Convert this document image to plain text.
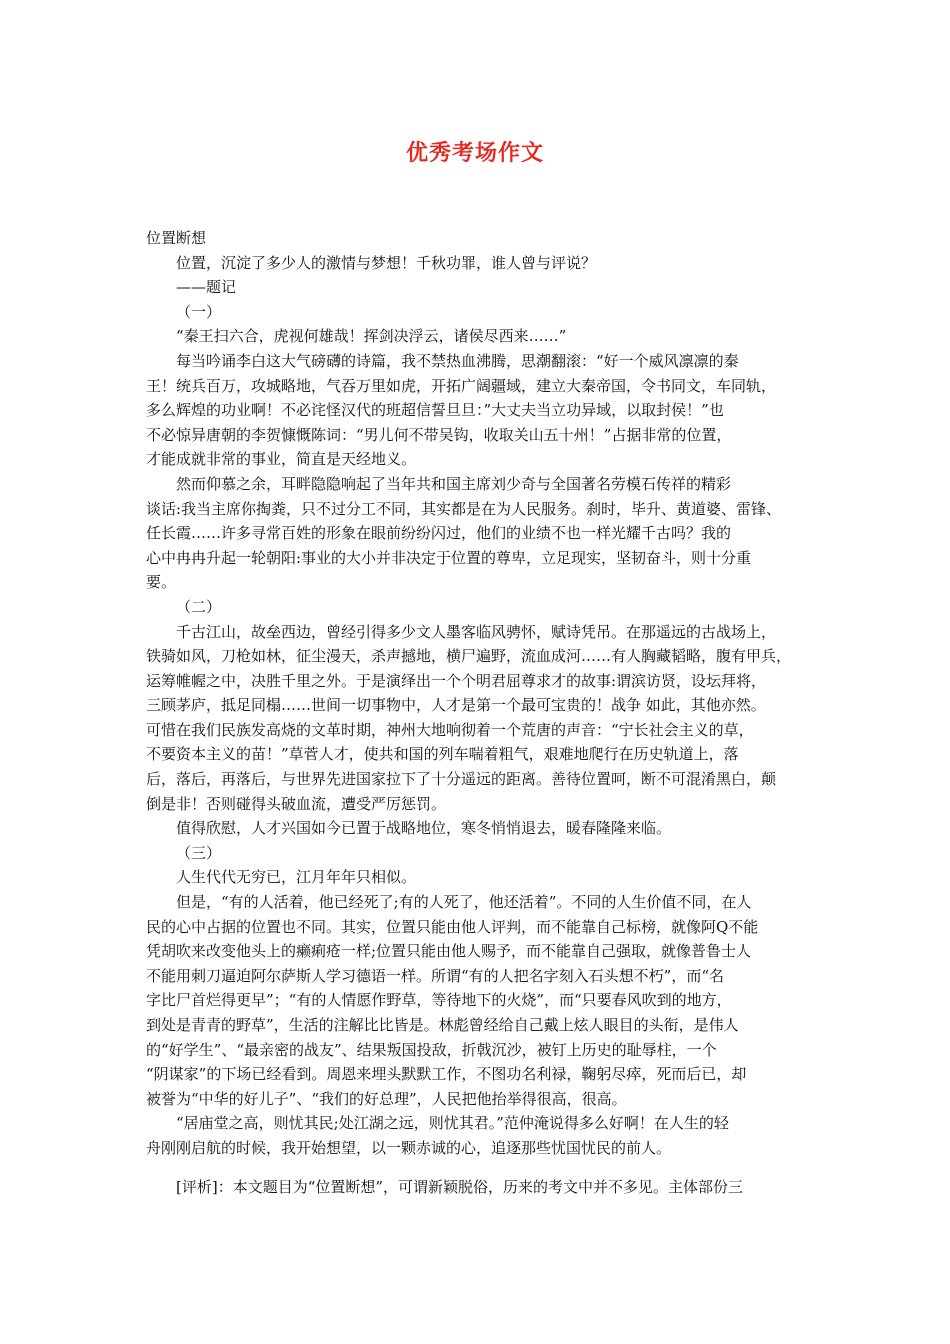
优秀考场作文
位置断想
位置，沉淀了多少人的激情与梦想！千秋功罪，谁人曾与评说？
——题记
（一）
“秦王扫六合，虎视何雄哉！挥剑决浮云，诸侯尽西来……”
每当吟诵李白这大气磅礴的诗篇，我不禁热血沸腾，思潮翻滚：“好一个威风凛凛的秦
王！统兵百万，攻城略地，气吞万里如虎，开拓广阔疆域，建立大秦帝国，令书同文，车同轨，
多么辉煌的功业啊！不必诧怪汉代的班超信誓旦旦：”大丈夫当立功异域，以取封侯！”也
不必惊异唐朝的李贺慷慨陈词：“男儿何不带吴钩，收取关山五十州！”占据非常的位置，
才能成就非常的事业，简直是天经地义。
然而仰慕之余，耳畔隐隐响起了当年共和国主席刘少奇与全国著名劳模石传祥的精彩
谈话:我当主席你掏粪，只不过分工不同，其实都是在为人民服务。刹时，毕升、黄道婆、雷锋、
任长霞……许多寻常百姓的形象在眼前纷纷闪过，他们的业绩不也一样光耀千古吗？我的
心中冉冉升起一轮朝阳:事业的大小并非决定于位置的尊卑，立足现实，坚韧奋斗，则十分重
要。
（二）
千古江山，故垒西边，曾经引得多少文人墨客临风骋怀，赋诗凭吊。在那遥远的古战场上，
铁骑如风，刀枪如林，征尘漫天，杀声撼地，横尸遍野，流血成河……有人胸藏韬略，腹有甲兵，
运筹帷幄之中，决胜千里之外。于是演绎出一个个明君屈尊求才的故事:谓滨访贤，设坛拜将，
三顾茅庐，抵足同榻……世间一切事物中，人才是第一个最可宝贵的！战争 如此，其他亦然。
可惜在我们民族发高烧的文革时期，神州大地响彻着一个荒唐的声音：“宁长社会主义的草，
不要资本主义的苗！”草菅人才，使共和国的列车喘着粗气，艰难地爬行在历史轨道上，落
后，落后，再落后，与世界先进国家拉下了十分遥远的距离。善待位置呵，断不可混淆黑白，颠
倒是非！否则碰得头破血流，遭受严厉惩罚。
值得欣慰，人才兴国如今已置于战略地位，寒冬悄悄退去，暖春隆隆来临。
（三）
人生代代无穷已，江月年年只相似。
但是，“有的人活着，他已经死了;有的人死了，他还活着”。不同的人生价值不同，在人
民的心中占据的位置也不同。其实，位置只能由他人评判，而不能靠自己标榜，就像阿Q不能
凭胡吹来改变他头上的癞痢疮一样;位置只能由他人赐予，而不能靠自己强取，就像普鲁士人
不能用刺刀逼迫阿尔萨斯人学习德语一样。所谓“有的人把名字刻入石头想不朽”，而“名
字比尸首烂得更早”；“有的人情愿作野草，等待地下的火烧”，而“只要春风吹到的地方，
到处是青青的野草”，生活的注解比比皆是。林彪曾经给自己戴上炫人眼目的头衔，是伟人
的“好学生”、“最亲密的战友”、结果叛国投敌，折戟沉沙，被钉上历史的耻辱柱，一个
“阴谋家”的下场已经看到。周恩来埋头默默工作，不图功名利禄，鞠躬尽瘁，死而后已，却
被誉为“中华的好儿子”、“我们的好总理”，人民把他抬举得很高，很高。
“居庙堂之高，则忧其民;处江湖之远，则忧其君。”范仲淹说得多么好啊！在人生的轻
舟刚刚启航的时候，我开始想望，以一颗赤诚的心，追逐那些忧国忧民的前人。
[评析]：本文题目为“位置断想”，可谓新颖脱俗，历来的考文中并不多见。主体部份三
